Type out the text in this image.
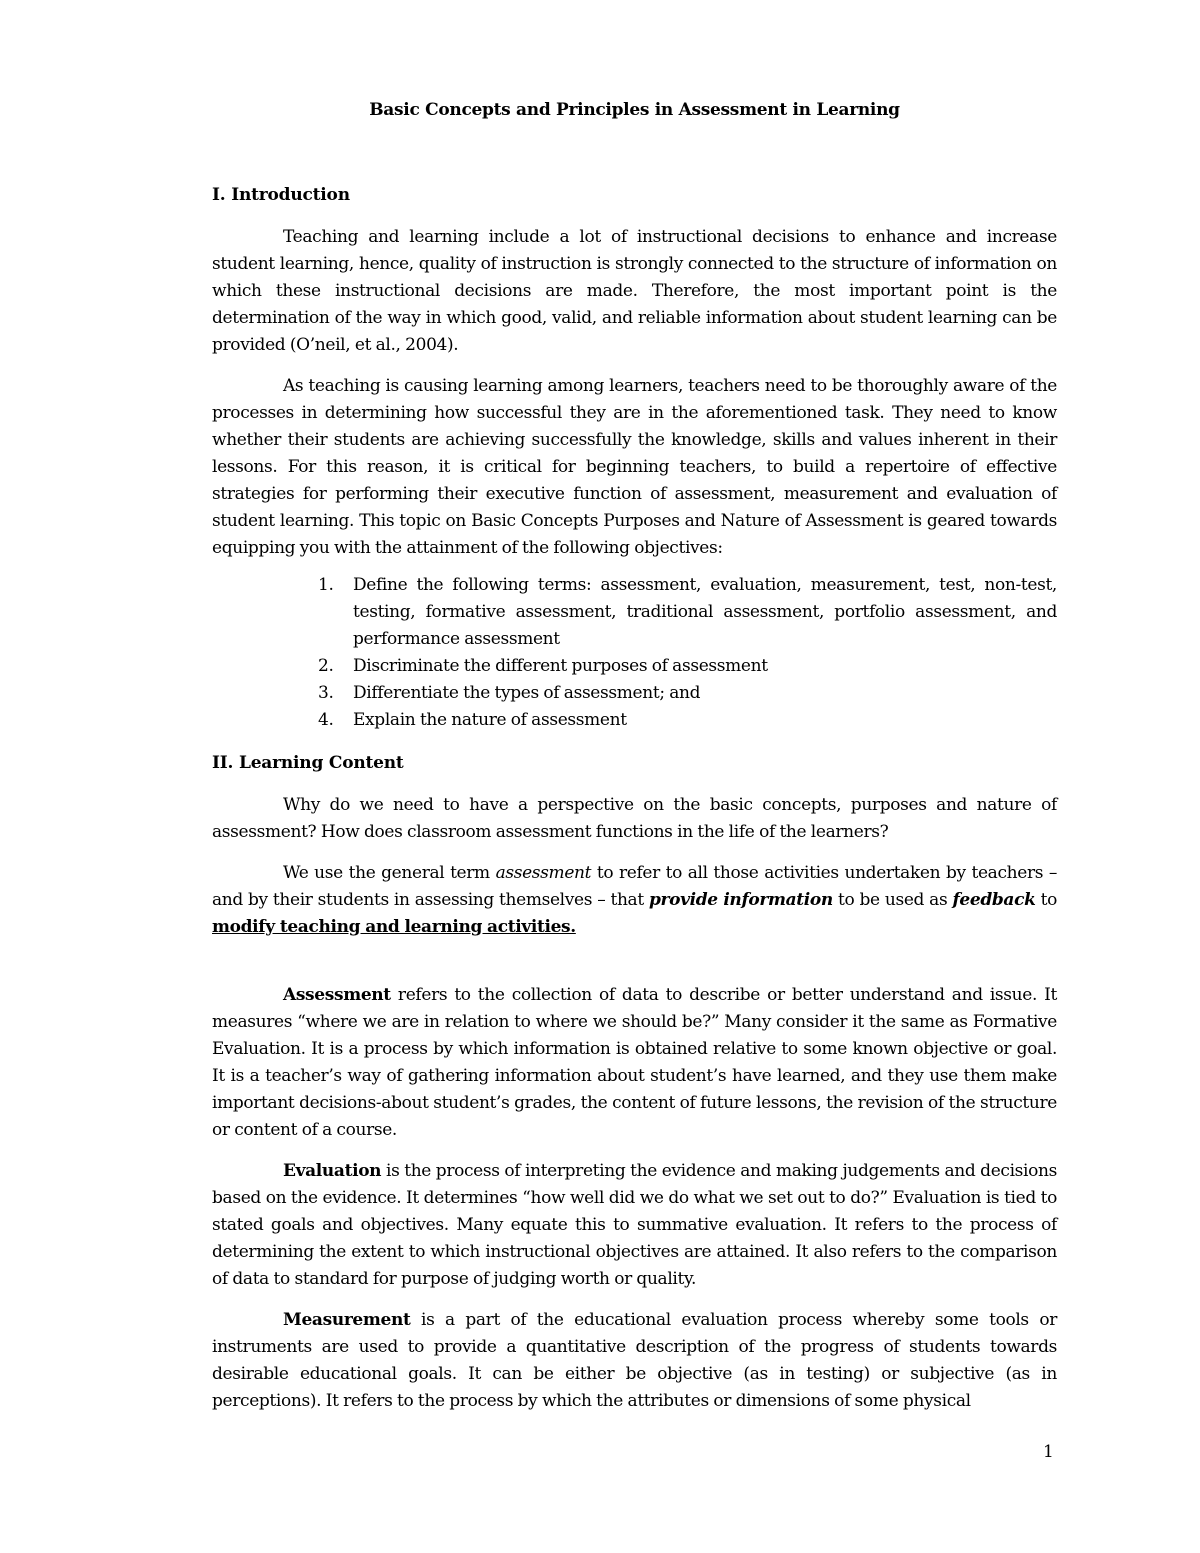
Basic Concepts and Principles in Assessment in Learning
I. Introduction

Teaching and learning include a lot of instructional decisions to enhance and increase student learning, hence, quality of instruction is strongly connected to the structure of information on which these instructional decisions are made. Therefore, the most important point is the determination of the way in which good, valid, and reliable information about student learning can be provided (O’neil, et al., 2004).

As teaching is causing learning among learners, teachers need to be thoroughly aware of the processes in determining how successful they are in the aforementioned task. They need to know whether their students are achieving successfully the knowledge, skills and values inherent in their lessons. For this reason, it is critical for beginning teachers, to build a repertoire of effective strategies for performing their executive function of assessment, measurement and evaluation of student learning. This topic on Basic Concepts Purposes and Nature of Assessment is geared towards equipping you with the attainment of the following objectives:

1. Define the following terms: assessment, evaluation, measurement, test, non-test, testing, formative assessment, traditional assessment, portfolio assessment, and performance assessment
2. Discriminate the different purposes of assessment
3. Differentiate the types of assessment; and
4. Explain the nature of assessment
II. Learning Content

Why do we need to have a perspective on the basic concepts, purposes and nature of assessment? How does classroom assessment functions in the life of the learners?

We use the general term assessment to refer to all those activities undertaken by teachers – and by their students in assessing themselves – that provide information to be used as feedback to modify teaching and learning activities.

Assessment refers to the collection of data to describe or better understand and issue. It measures “where we are in relation to where we should be?” Many consider it the same as Formative Evaluation. It is a process by which information is obtained relative to some known objective or goal. It is a teacher’s way of gathering information about student’s have learned, and they use them make important decisions-about student’s grades, the content of future lessons, the revision of the structure or content of a course.

Evaluation is the process of interpreting the evidence and making judgements and decisions based on the evidence. It determines “how well did we do what we set out to do?” Evaluation is tied to stated goals and objectives. Many equate this to summative evaluation. It refers to the process of determining the extent to which instructional objectives are attained. It also refers to the comparison of data to standard for purpose of judging worth or quality.

Measurement is a part of the educational evaluation process whereby some tools or instruments are used to provide a quantitative description of the progress of students towards desirable educational goals. It can be either be objective (as in testing) or subjective (as in perceptions). It refers to the process by which the attributes or dimensions of some physical

1
